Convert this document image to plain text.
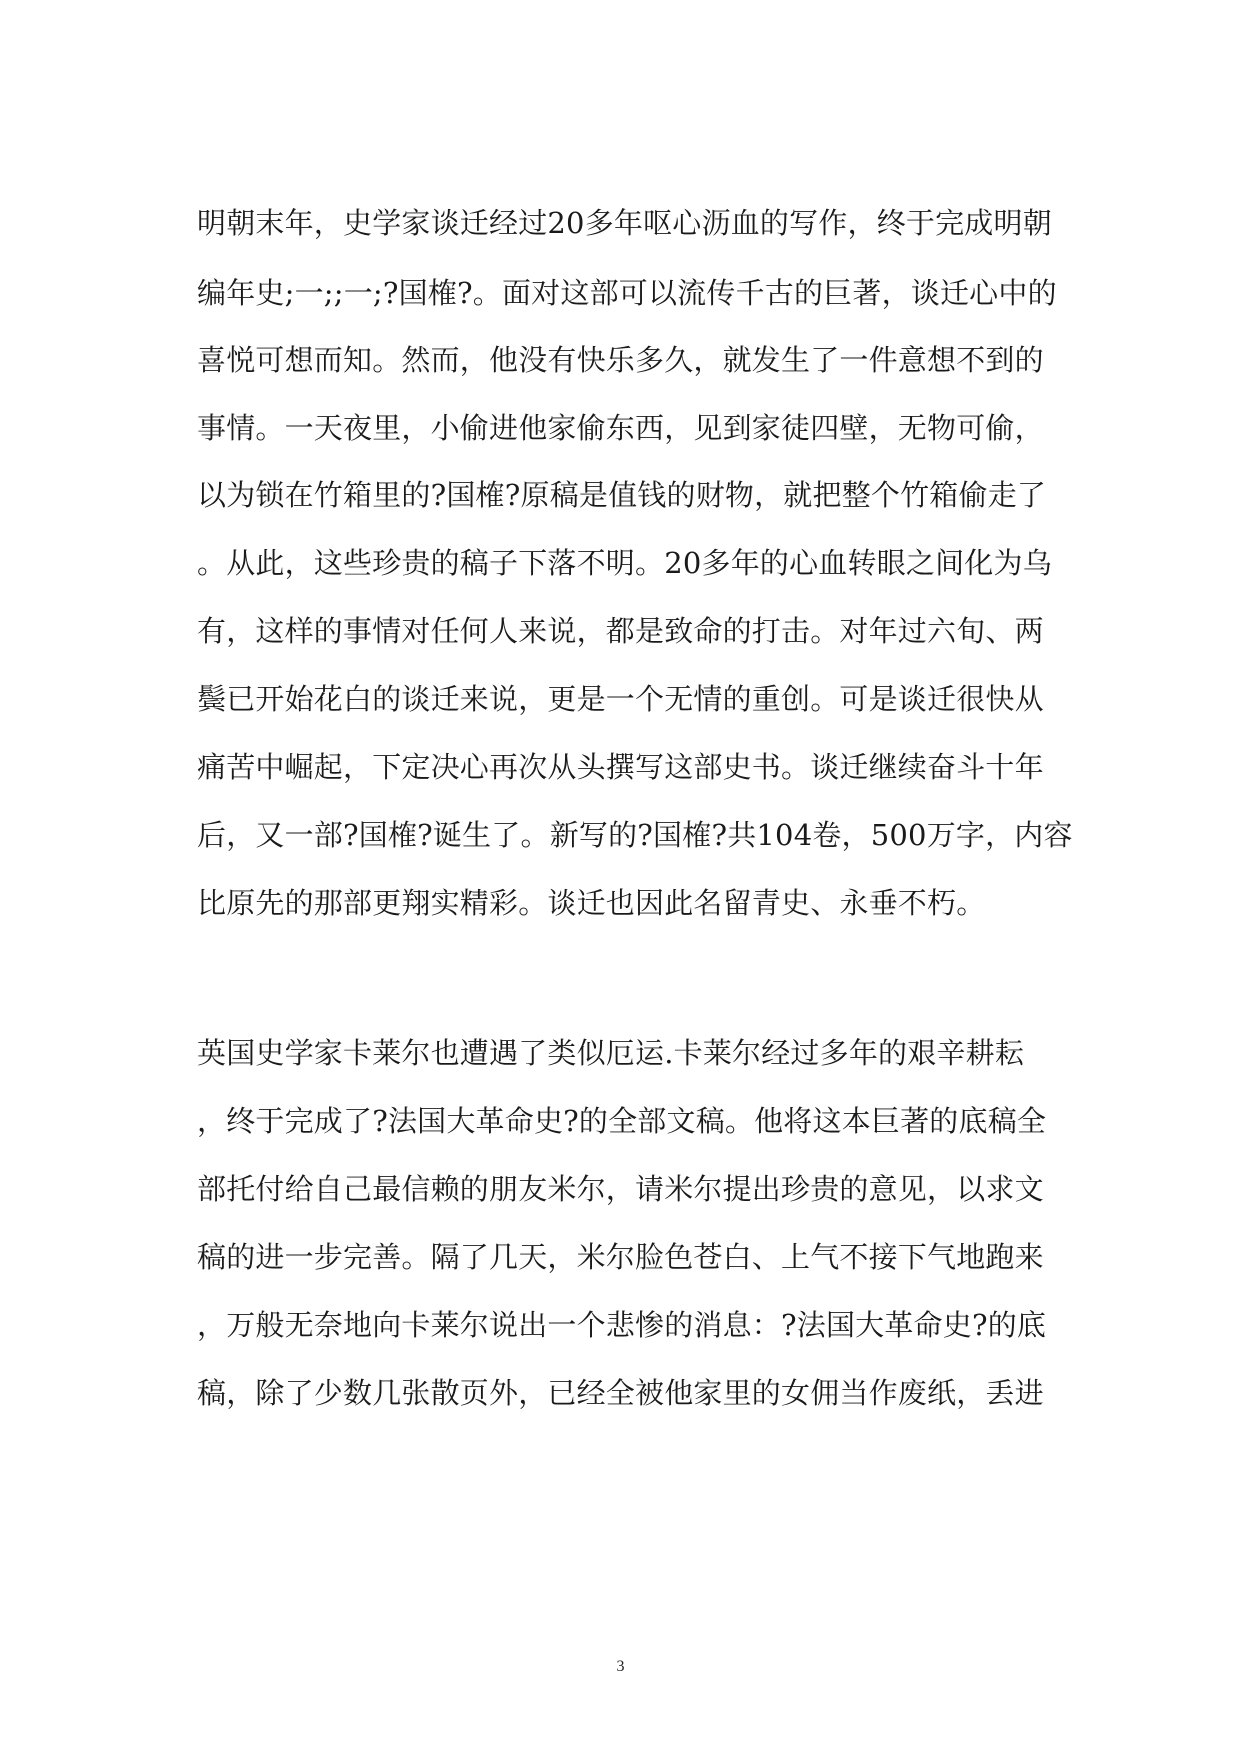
明朝末年，史学家谈迁经过20多年呕心沥血的写作，终于完成明朝
编年史;一;;一;?国榷?。面对这部可以流传千古的巨著，谈迁心中的
喜悦可想而知。然而，他没有快乐多久，就发生了一件意想不到的
事情。一天夜里，小偷进他家偷东西，见到家徒四壁，无物可偷，
以为锁在竹箱里的?国榷?原稿是值钱的财物，就把整个竹箱偷走了
。从此，这些珍贵的稿子下落不明。20多年的心血转眼之间化为乌
有，这样的事情对任何人来说，都是致命的打击。对年过六旬、两
鬓已开始花白的谈迁来说，更是一个无情的重创。可是谈迁很快从
痛苦中崛起，下定决心再次从头撰写这部史书。谈迁继续奋斗十年
后，又一部?国榷?诞生了。新写的?国榷?共104卷，500万字，内容
比原先的那部更翔实精彩。谈迁也因此名留青史、永垂不朽。
英国史学家卡莱尔也遭遇了类似厄运.卡莱尔经过多年的艰辛耕耘
，终于完成了?法国大革命史?的全部文稿。他将这本巨著的底稿全
部托付给自己最信赖的朋友米尔，请米尔提出珍贵的意见，以求文
稿的进一步完善。隔了几天，米尔脸色苍白、上气不接下气地跑来
，万般无奈地向卡莱尔说出一个悲惨的消息：?法国大革命史?的底
稿，除了少数几张散页外，已经全被他家里的女佣当作废纸，丢进
3
